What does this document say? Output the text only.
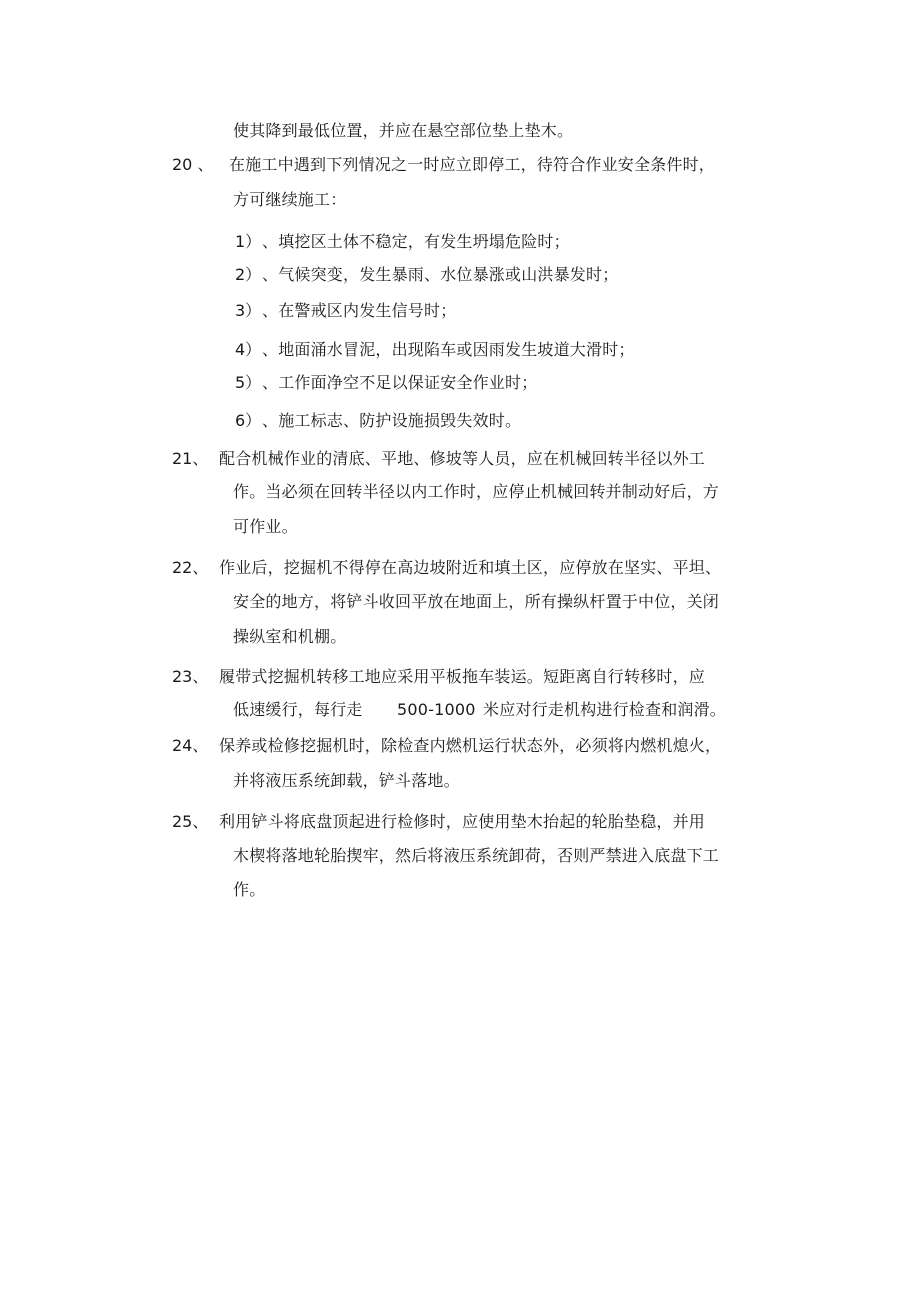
使其降到最低位置，并应在悬空部位垫上垫木。
20 、 在施工中遇到下列情况之一时应立即停工，待符合作业安全条件时，
方可继续施工：
1） 、填挖区土体不稳定，有发生坍塌危险时；
2） 、气候突变，发生暴雨、水位暴涨或山洪暴发时；
3） 、在警戒区内发生信号时；
4） 、地面涌水冒泥，出现陷车或因雨发生坡道大滑时；
5） 、工作面净空不足以保证安全作业时；
6） 、施工标志、防护设施损毁失效时。
21、 配合机械作业的清底、平地、修坡等人员，应在机械回转半径以外工
作。当必须在回转半径以内工作时，应停止机械回转并制动好后，方
可作业。
22、 作业后，挖掘机不得停在高边坡附近和填土区，应停放在坚实、平坦、
安全的地方，将铲斗收回平放在地面上，所有操纵杆置于中位，关闭
操纵室和机棚。
23、 履带式挖掘机转移工地应采用平板拖车装运。短距离自行转移时，应
低速缓行，每行走 500-1000 米应对行走机构进行检查和润滑。
24、 保养或检修挖掘机时，除检查内燃机运行状态外，必须将内燃机熄火，
并将液压系统卸载，铲斗落地。
25、 利用铲斗将底盘顶起进行检修时，应使用垫木抬起的轮胎垫稳，并用
木楔将落地轮胎揳牢，然后将液压系统卸荷，否则严禁进入底盘下工
作。
